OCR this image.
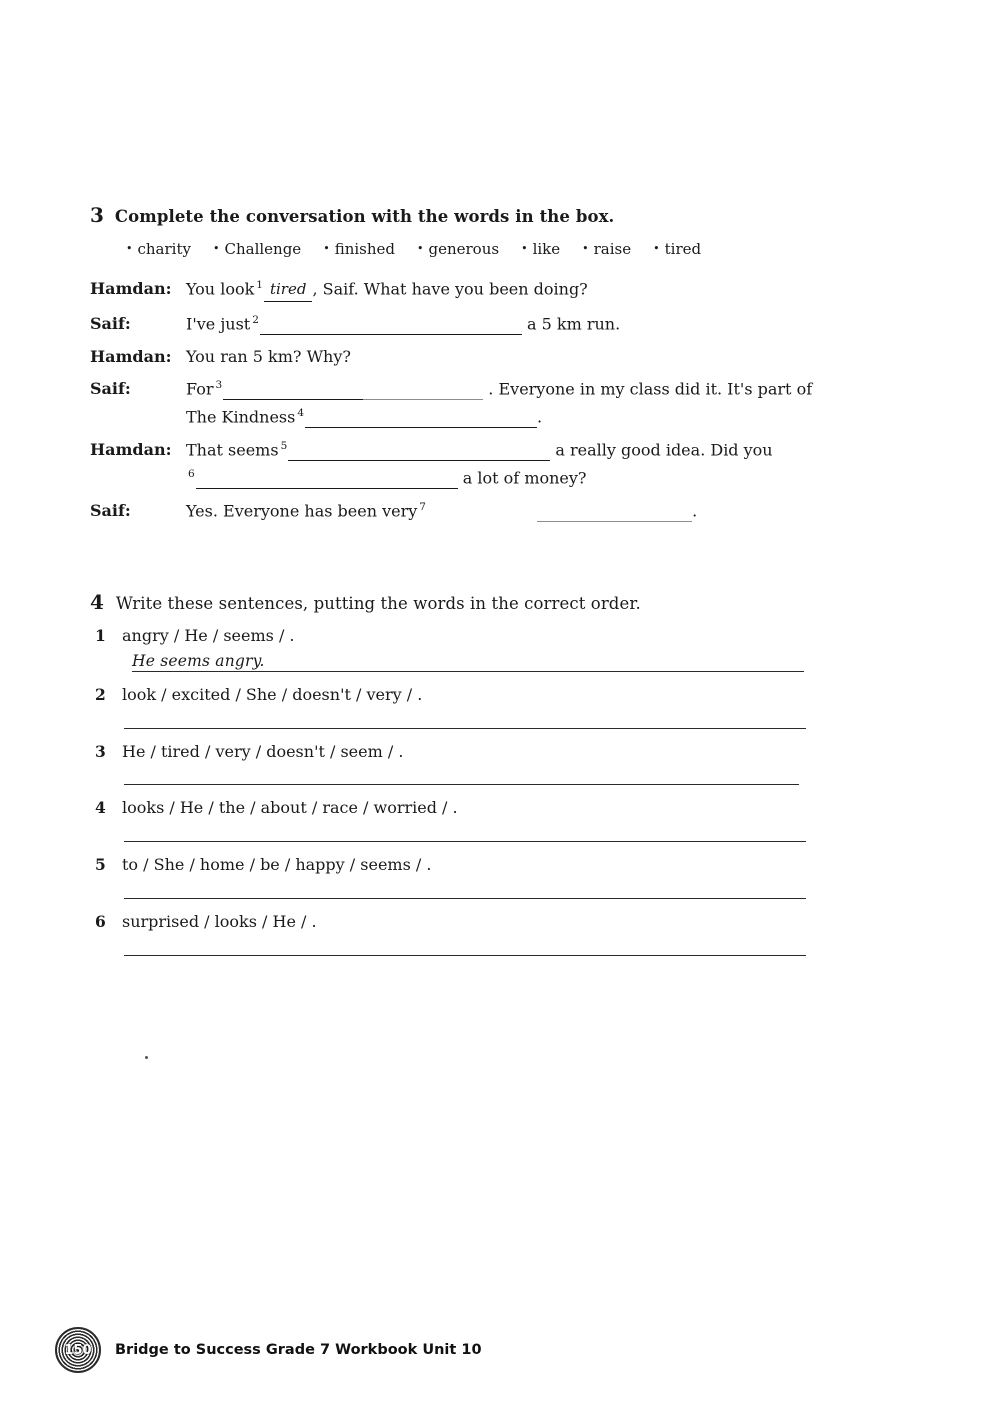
3 Complete the conversation with the words in the box.
• charity	• Challenge	• finished	• generous	• like	• raise	• tired
Hamdan: You look $^1$ tired , Saif. What have you been doing?
Saif:	I've just $^2$	a 5 km run.
Hamdan: You ran 5 km? Why?
Saif:	For $^3$	. Everyone in my class did it. It's part of
The Kindness $^4$	.
Hamdan: That seems $^5$	a really good idea. Did you
$^6$	a lot of money?
Saif:	Yes. Everyone has been very $^7$	.
4 Write these sentences, putting the words in the correct order.
1 angry / He / seems / .
He seems angry.
2 look / excited / She / doesn't / very / .
3 He / tired / very / doesn't / seem / .
4 looks / He / the / about / race / worried / .
5 to / She / home / be / happy / seems / .
6 surprised / looks / He / .
150	Bridge to Success Grade 7 Workbook Unit 10
